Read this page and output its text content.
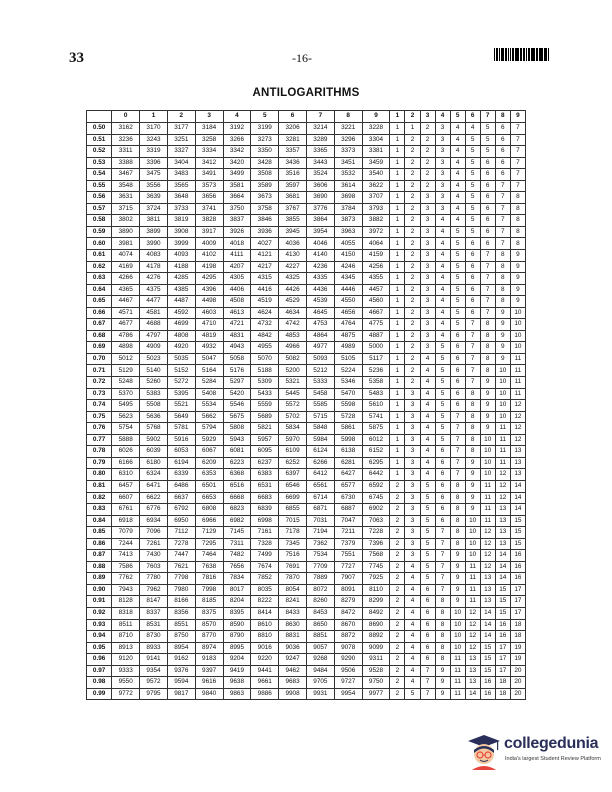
33	-16-
ANTILOGARITHMS
	0	1	2	3	4	5	6	7	8	9	1	2	3	4	5	6	7	8	9
0.50	3162	3170	3177	3184	3192	3199	3206	3214	3221	3228	1	1	2	3	4	4	5	6	7
0.51	3236	3243	3251	3258	3266	3273	3281	3289	3296	3304	1	2	2	3	4	5	5	6	7
0.52	3311	3319	3327	3334	3342	3350	3357	3365	3373	3381	1	2	2	3	4	5	5	6	7
0.53	3388	3396	3404	3412	3420	3428	3436	3443	3451	3459	1	2	2	3	4	5	6	6	7
0.54	3467	3475	3483	3491	3499	3508	3516	3524	3532	3540	1	2	2	3	4	5	6	6	7
0.55	3548	3556	3565	3573	3581	3589	3597	3606	3614	3622	1	2	2	3	4	5	6	7	7
0.56	3631	3639	3648	3656	3664	3673	3681	3690	3698	3707	1	2	3	3	4	5	6	7	8
0.57	3715	3724	3733	3741	3750	3758	3767	3776	3784	3793	1	2	3	3	4	5	6	7	8
0.58	3802	3811	3819	3828	3837	3846	3855	3864	3873	3882	1	2	3	4	4	5	6	7	8
0.59	3890	3899	3908	3917	3926	3936	3945	3954	3963	3972	1	2	3	4	5	5	6	7	8
0.60	3981	3990	3999	4009	4018	4027	4036	4046	4055	4064	1	2	3	4	5	6	6	7	8
0.61	4074	4083	4093	4102	4111	4121	4130	4140	4150	4159	1	2	3	4	5	6	7	8	9
0.62	4169	4178	4188	4198	4207	4217	4227	4236	4246	4256	1	2	3	4	5	6	7	8	9
0.63	4266	4276	4285	4295	4305	4315	4325	4335	4345	4355	1	2	3	4	5	6	7	8	9
0.64	4365	4375	4385	4396	4406	4416	4426	4436	4446	4457	1	2	3	4	5	6	7	8	9
0.65	4467	4477	4487	4498	4508	4519	4529	4539	4550	4560	1	2	3	4	5	6	7	8	9
0.66	4571	4581	4592	4603	4613	4624	4634	4645	4656	4667	1	2	3	4	5	6	7	9	10
0.67	4677	4688	4699	4710	4721	4732	4742	4753	4764	4775	1	2	3	4	5	7	8	9	10
0.68	4786	4797	4808	4819	4831	4842	4853	4864	4875	4887	1	2	3	4	6	7	8	9	10
0.69	4898	4909	4920	4932	4943	4955	4966	4977	4989	5000	1	2	3	5	6	7	8	9	10
0.70	5012	5023	5035	5047	5058	5070	5082	5093	5105	5117	1	2	4	5	6	7	8	9	11
0.71	5129	5140	5152	5164	5176	5188	5200	5212	5224	5236	1	2	4	5	6	7	8	10	11
0.72	5248	5260	5272	5284	5297	5309	5321	5333	5346	5358	1	2	4	5	6	7	9	10	11
0.73	5370	5383	5395	5408	5420	5433	5445	5458	5470	5483	1	3	4	5	6	8	9	10	11
0.74	5495	5508	5521	5534	5546	5559	5572	5585	5598	5610	1	3	4	5	6	8	9	10	12
0.75	5623	5636	5649	5662	5675	5689	5702	5715	5728	5741	1	3	4	5	7	8	9	10	12
0.76	5754	5768	5781	5794	5808	5821	5834	5848	5861	5875	1	3	4	5	7	8	9	11	12
0.77	5888	5902	5916	5929	5943	5957	5970	5984	5998	6012	1	3	4	5	7	8	10	11	12
0.78	6026	6039	6053	6067	6081	6095	6109	6124	6138	6152	1	3	4	6	7	8	10	11	13
0.79	6166	6180	6194	6209	6223	6237	6252	6266	6281	6295	1	3	4	6	7	9	10	11	13
0.80	6310	6324	6339	6353	6368	6383	6397	6412	6427	6442	1	3	4	6	7	9	10	12	13
0.81	6457	6471	6486	6501	6516	6531	6546	6561	6577	6592	2	3	5	6	8	9	11	12	14
0.82	6607	6622	6637	6653	6668	6683	6699	6714	6730	6745	2	3	5	6	8	9	11	12	14
0.83	6761	6776	6792	6808	6823	6839	6855	6871	6887	6902	2	3	5	6	8	9	11	13	14
0.84	6918	6934	6950	6966	6982	6998	7015	7031	7047	7063	2	3	5	6	8	10	11	13	15
0.85	7079	7096	7112	7129	7145	7161	7178	7194	7211	7228	2	3	5	7	8	10	12	13	15
0.86	7244	7261	7278	7295	7311	7328	7345	7362	7379	7396	2	3	5	7	8	10	12	13	15
0.87	7413	7430	7447	7464	7482	7499	7516	7534	7551	7568	2	3	5	7	9	10	12	14	16
0.88	7586	7603	7621	7638	7656	7674	7691	7709	7727	7745	2	4	5	7	9	11	12	14	16
0.89	7762	7780	7798	7816	7834	7852	7870	7889	7907	7925	2	4	5	7	9	11	13	14	16
0.90	7943	7962	7980	7998	8017	8035	8054	8072	8091	8110	2	4	6	7	9	11	13	15	17
0.91	8128	8147	8166	8185	8204	8222	8241	8260	8279	8299	2	4	6	8	9	11	13	15	17
0.92	8318	8337	8356	8375	8395	8414	8433	8453	8472	8492	2	4	6	8	10	12	14	15	17
0.93	8511	8531	8551	8570	8590	8610	8630	8650	8670	8690	2	4	6	8	10	12	14	16	18
0.94	8710	8730	8750	8770	8790	8810	8831	8851	8872	8892	2	4	6	8	10	12	14	16	18
0.95	8913	8933	8954	8974	8995	9016	9036	9057	9078	9099	2	4	6	8	10	12	15	17	19
0.96	9120	9141	9162	9183	9204	9220	9247	9268	9290	9311	2	4	6	8	11	13	15	17	19
0.97	9333	9354	9376	9397	9419	9441	9462	9484	9506	9528	2	4	7	9	11	13	15	17	20
0.98	9550	9572	9594	9616	9638	9661	9683	9705	9727	9750	2	4	7	9	11	13	16	18	20
0.99	9772	9795	9817	9840	9863	9886	9908	9931	9954	9977	2	5	7	9	11	14	16	18	20
collegedunia
India's largest Student Review Platform
